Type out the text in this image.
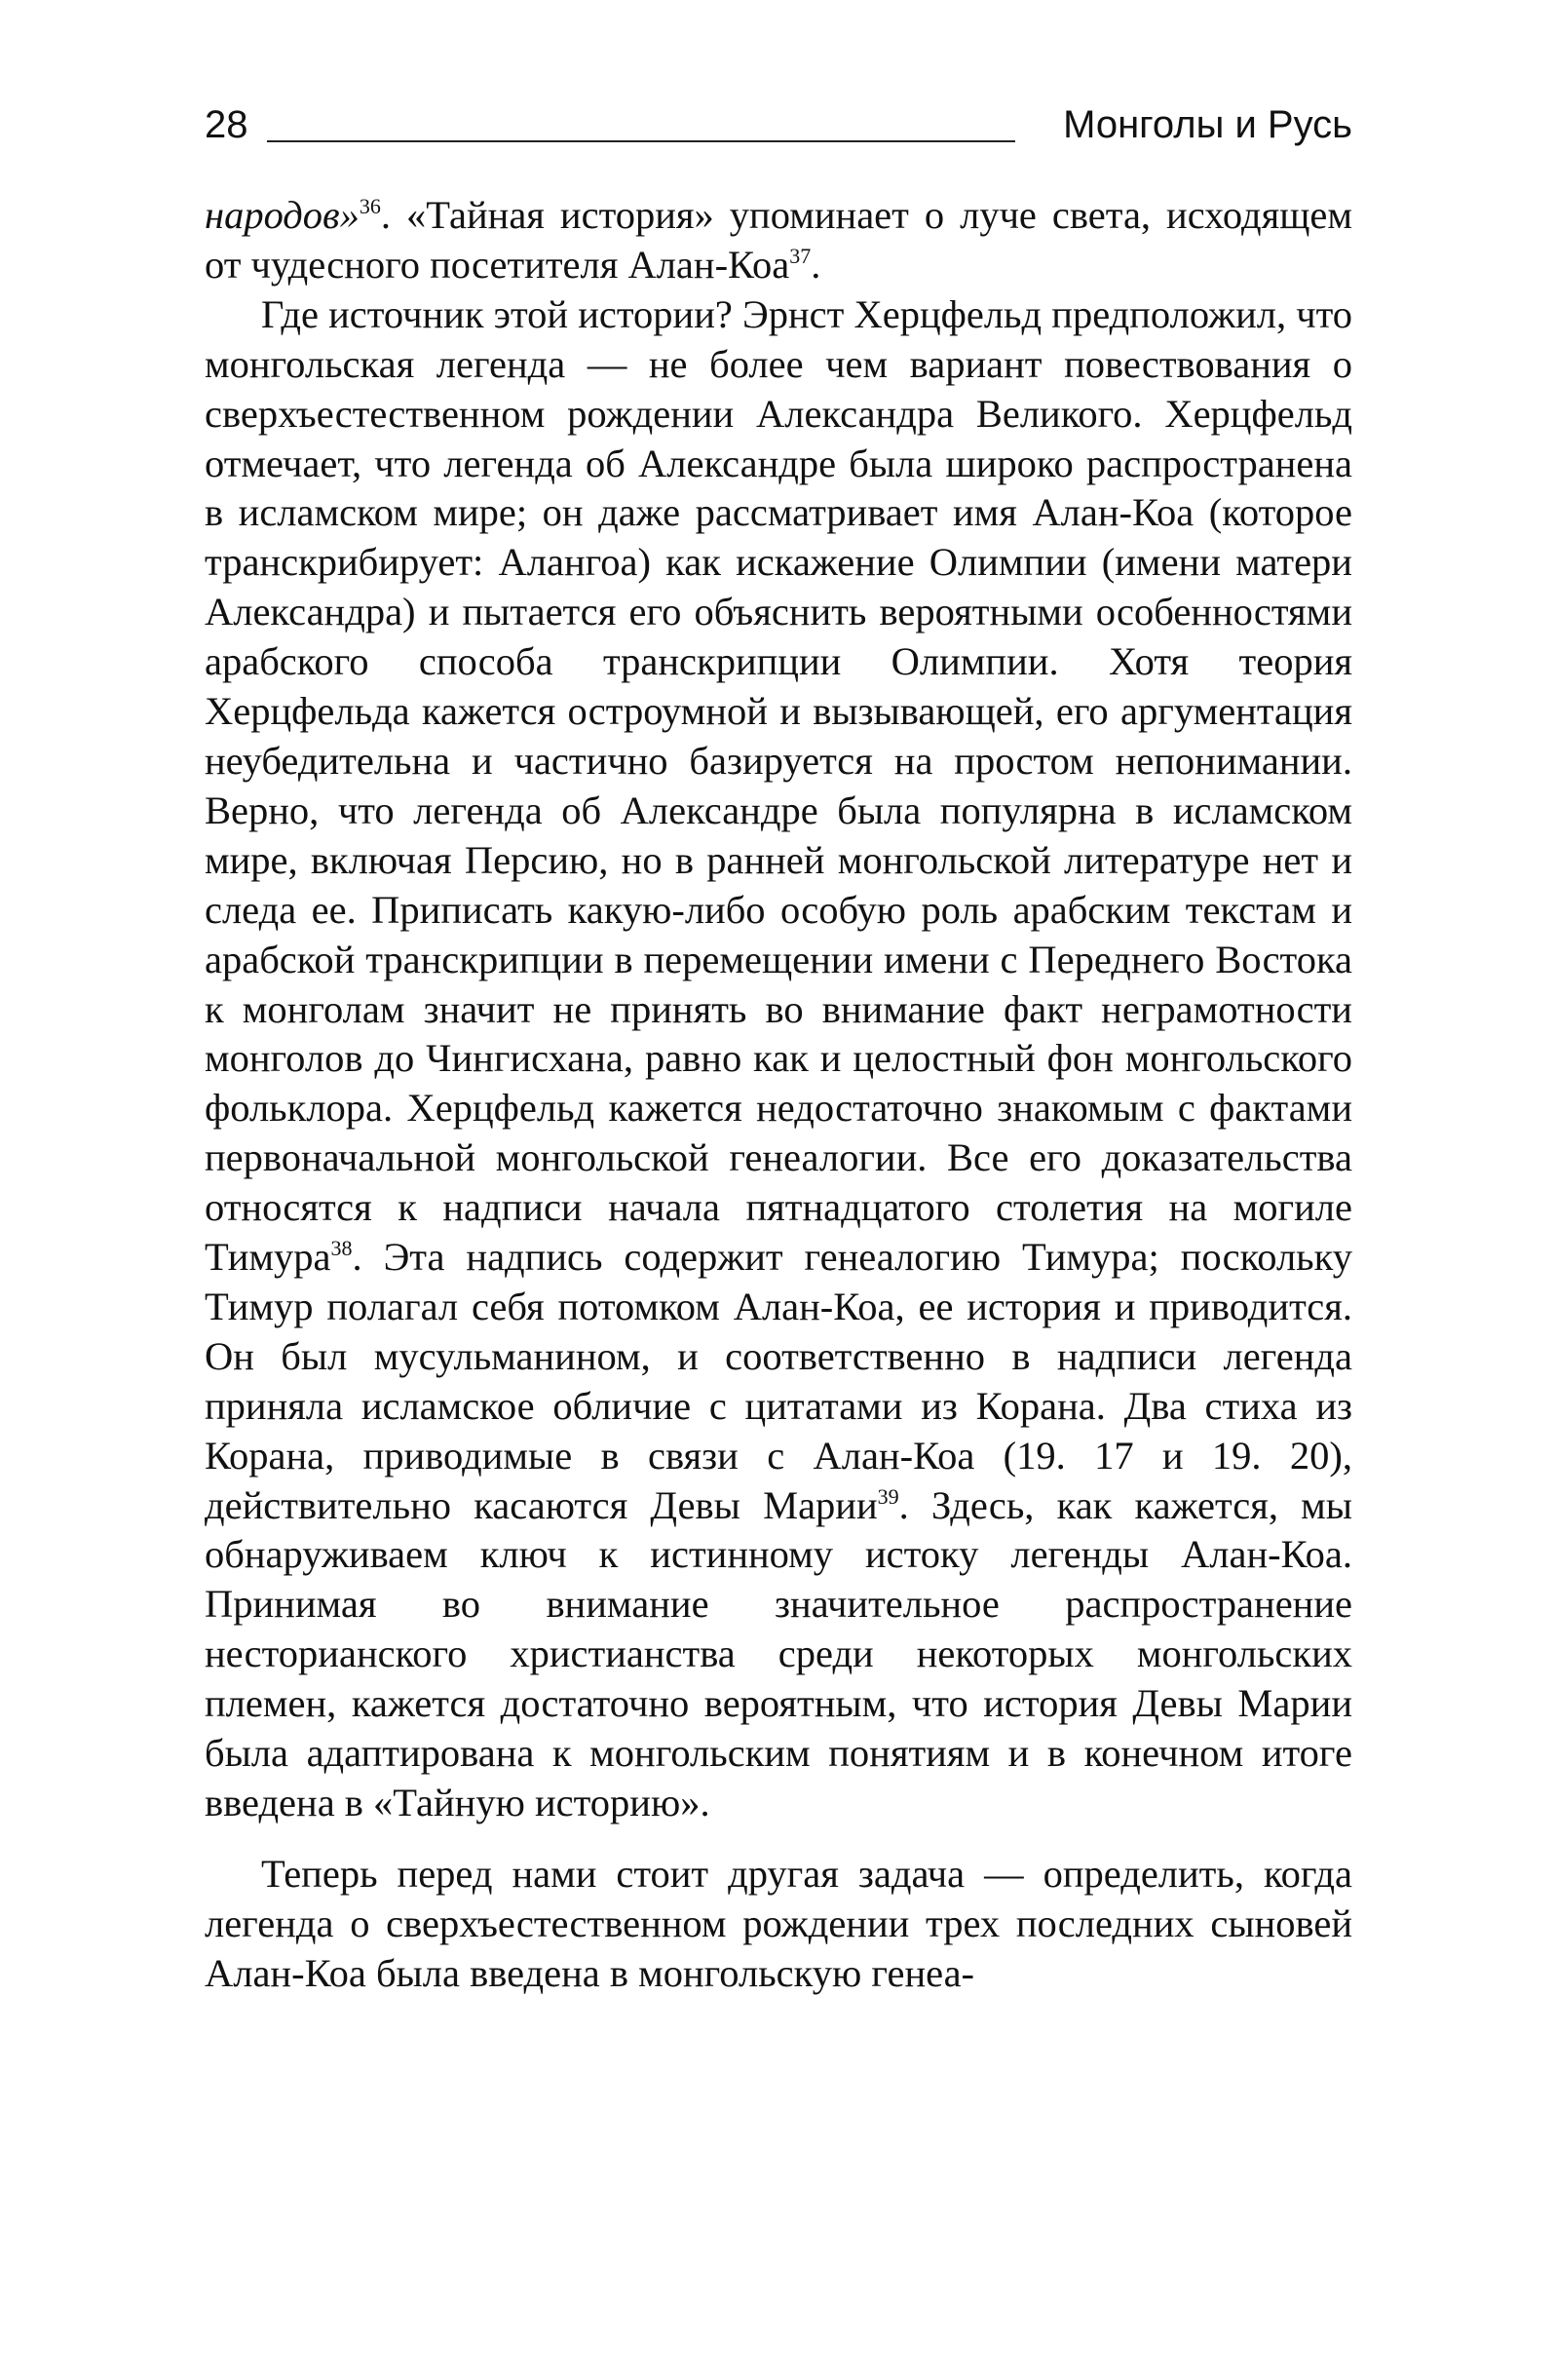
28	Монголы и Русь

народов»$^{36}$. «Тайная история» упоминает о луче света, исходящем от чудесного посетителя Алан-Коа$^{37}$.

Где источник этой истории? Эрнст Херцфельд предположил, что монгольская легенда — не более чем вариант повествования о сверхъестественном рождении Александра Великого. Херцфельд отмечает, что легенда об Александре была широко распространена в исламском мире; он даже рассматривает имя Алан-Коа (которое транскрибирует: Алангоа) как искажение Олимпии (имени матери Александра) и пытается его объяснить вероятными особенностями арабского способа транскрипции Олимпии. Хотя теория Херцфельда кажется остроумной и вызывающей, его аргументация неубедительна и частично базируется на простом непонимании. Верно, что легенда об Александре была популярна в исламском мире, включая Персию, но в ранней монгольской литературе нет и следа ее. Приписать какую-либо особую роль арабским текстам и арабской транскрипции в перемещении имени с Переднего Востока к монголам значит не принять во внимание факт неграмотности монголов до Чингисхана, равно как и целостный фон монгольского фольклора. Херцфельд кажется недостаточно знакомым с фактами первоначальной монгольской генеалогии. Все его доказательства относятся к надписи начала пятнадцатого столетия на могиле Тимура$^{38}$. Эта надпись содержит генеалогию Тимура; поскольку Тимур полагал себя потомком Алан-Коа, ее история и приводится. Он был мусульманином, и соответственно в надписи легенда приняла исламское обличие с цитатами из Корана. Два стиха из Корана, приводимые в связи с Алан-Коа (19. 17 и 19. 20), действительно касаются Девы Марии$^{39}$. Здесь, как кажется, мы обнаруживаем ключ к истинному истоку легенды Алан-Коа. Принимая во внимание значительное распространение несторианского христианства среди некоторых монгольских племен, кажется достаточно вероятным, что история Девы Марии была адаптирована к монгольским понятиям и в конечном итоге введена в «Тайную историю».

Теперь перед нами стоит другая задача — определить, когда легенда о сверхъестественном рождении трех последних сыновей Алан-Коа была введена в монгольскую генеа-
